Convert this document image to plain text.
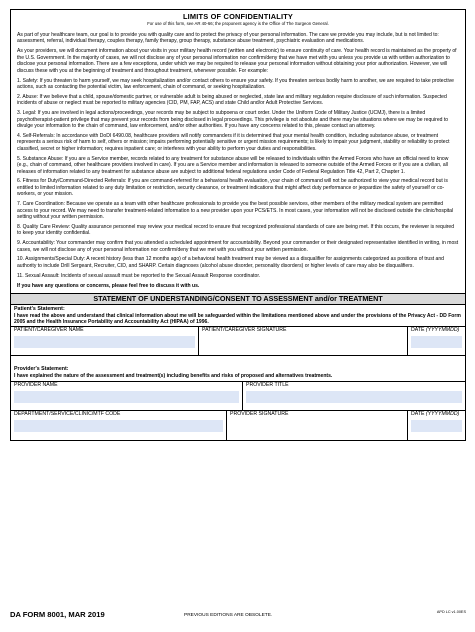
LIMITS OF CONFIDENTIALITY
For use of this form, see AR 40-66; the proponent agency is the Office of The Surgeon General.

As part of your healthcare team, our goal is to provide you with quality care and to protect the privacy of your personal information. The care we provide you may include, but is not limited to: assessment, referral, individual therapy, couples therapy, family therapy, group therapy, substance abuse treatment, psychiatric evaluation and medications.

As your providers, we will document information about your visits in your military health record (written and electronic) to ensure continuity of care. Your health record is maintained as the property of the U.S. Government. In the majority of cases, we will not disclose any of your personal information nor confirm/deny that we have met with you unless you provide us with written authorization to disclose your personal information. There are a few exceptions, under which we may be required to release your personal information without obtaining your prior authorization. However, we will discuss these with you at the beginning of treatment and throughout treatment, whenever possible. For example:

1. Safety: If you threaten to harm yourself, we may seek hospitalization and/or contact others to ensure your safety. If you threaten serious bodily harm to another, we are required to take protective actions, such as contacting the potential victim, law enforcement, chain of command, or seeking hospitalization.

2. Abuse: If we believe that a child, spouse/domestic partner, or vulnerable adult is being abused or neglected, state law and military regulation require disclosure of such information. Suspected incidents of abuse or neglect must be reported to military agencies (CID, PM, FAP, ACS) and state Child and/or Adult Protective Services.

3. Legal: If you are involved in legal actions/proceedings, your records may be subject to subpoena or court order. Under the Uniform Code of Military Justice (UCMJ), there is a limited psychotherapist-patient privilege that may prevent your records from being disclosed in legal proceedings. This privilege is not absolute and there may be situations where we may be required to divulge your information to the chain of command, law enforcement, and/or other authorities. If you have any concerns related to this, please contact an attorney.

4. Self-Referrals: In accordance with DoDI 6490.08, healthcare providers will notify commanders if it is determined that your mental health condition, including substance abuse, or treatment represents a serious risk of harm to self, others or mission; impairs performing potentially sensitive or urgent mission requirements; is likely to impair your judgment, stability or reliability to protect classified, secret or higher information; requires inpatient care; or interferes with your ability to perform your duties and responsibilities.

5. Substance Abuse: If you are a Service member, records related to any treatment for substance abuse will be released to individuals within the Armed Forces who have an official need to know (e.g., chain of command, other healthcare providers involved in care). If you are a Service member and information is released to someone outside of the Armed Forces or if you are a civilian, all releases of information related to any treatment for substance abuse are subject to additional federal regulations under Code of Federal Regulation Title 42, Part 2, Chapter 1.

6. Fitness for Duty/Command-Directed Referrals: If you are command-referred for a behavioral health evaluation, your chain of command will not be authorized to view your medical record but is entitled to limited information related to any duty limitation or restriction, security clearance, or treatment indications that might affect duty performance or jeopardize the safety of yourself or co-workers, or your mission.

7. Care Coordination: Because we operate as a team with other healthcare professionals to provide you the best possible services, other members of the military medical system are permitted access to your record. We may need to transfer treatment-related information to a new provider upon your PCS/ETS. In most cases, your information will not be disclosed outside the clinic/hospital setting without your written permission.

8. Quality Care Review: Quality assurance personnel may review your medical record to ensure that recognized professional standards of care are being met. If this occurs, the reviewer is required to keep your identity confidential.

9. Accountability: Your commander may confirm that you attended a scheduled appointment for accountability. Beyond your commander or their designated representative identified in writing, in most cases, we will not disclose any of your personal information nor confirm/deny that we met with you without your written permission.

10. Assignments/Special Duty: A recent history (less than 12 months ago) of a behavioral health treatment may be viewed as a disqualifier for assignments categorized as positions of trust and authority to include Drill Sergeant, Recruiter, CID, and SHARP. Certain diagnoses (alcohol abuse disorder, personality disorders) or higher levels of care may also be disqualifiers.

11. Sexual Assault: Incidents of sexual assault must be reported to the Sexual Assault Response coordinator.

If you have any questions or concerns, please feel free to discuss it with us.

STATEMENT OF UNDERSTANDING/CONSENT TO ASSESSMENT and/or TREATMENT
Patient's Statement:
I have read the above and understand that clinical information about me will be safeguarded within the limitations mentioned above and under the provisions of the Privacy Act - DD Form 2005 and the Health Insurance Portability and Accountability Act (HIPAA) of 1996.
PATIENT/CAREGIVER NAME	PATIENT/CAREGIVER SIGNATURE	DATE (YYYYMMDD)
Provider's Statement:
I have explained the nature of the assessment and treatment(s) including benefits and risks of proposed and alternatives treatments.
PROVIDER NAME	PROVIDER TITLE
DEPARTMENT/SERVICE/CLINIC/MTF CODE	PROVIDER SIGNATURE	DATE (YYYYMMDD)
DA FORM 8001, MAR 2019	PREVIOUS EDITIONS ARE OBSOLETE.
APD LC v1.00ES
